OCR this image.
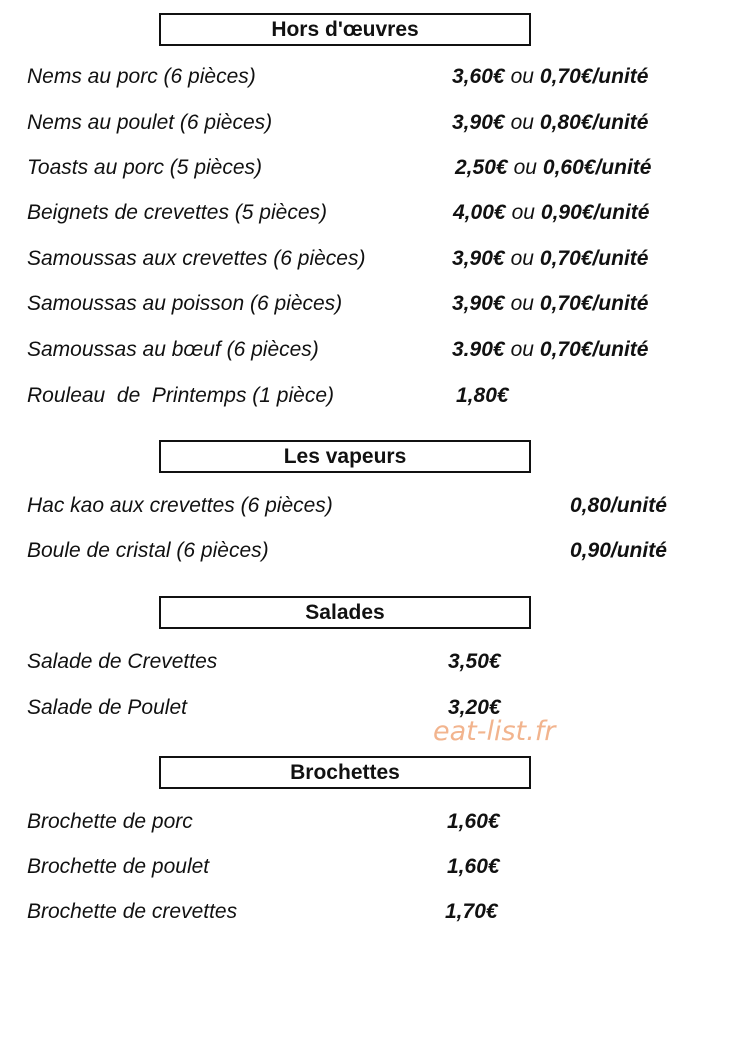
Hors d'œuvres
Nems au porc (6 pièces)	3,60€ ou 0,70€/unité
Nems au poulet (6 pièces)	3,90€ ou 0,80€/unité
Toasts au porc (5 pièces)	2,50€ ou 0,60€/unité
Beignets de crevettes (5 pièces)	4,00€ ou 0,90€/unité
Samoussas aux crevettes (6 pièces)	3,90€ ou 0,70€/unité
Samoussas au poisson (6 pièces)	3,90€ ou 0,70€/unité
Samoussas au bœuf (6 pièces)	3.90€ ou 0,70€/unité
Rouleau  de  Printemps (1 pièce)	1,80€
Les vapeurs
Hac kao aux crevettes (6 pièces)	0,80/unité
Boule de cristal (6 pièces)	0,90/unité
Salades
Salade de Crevettes	3,50€
Salade de Poulet	3,20€
eat-list.fr
Brochettes
Brochette de porc	1,60€
Brochette de poulet	1,60€
Brochette de crevettes	1,70€
